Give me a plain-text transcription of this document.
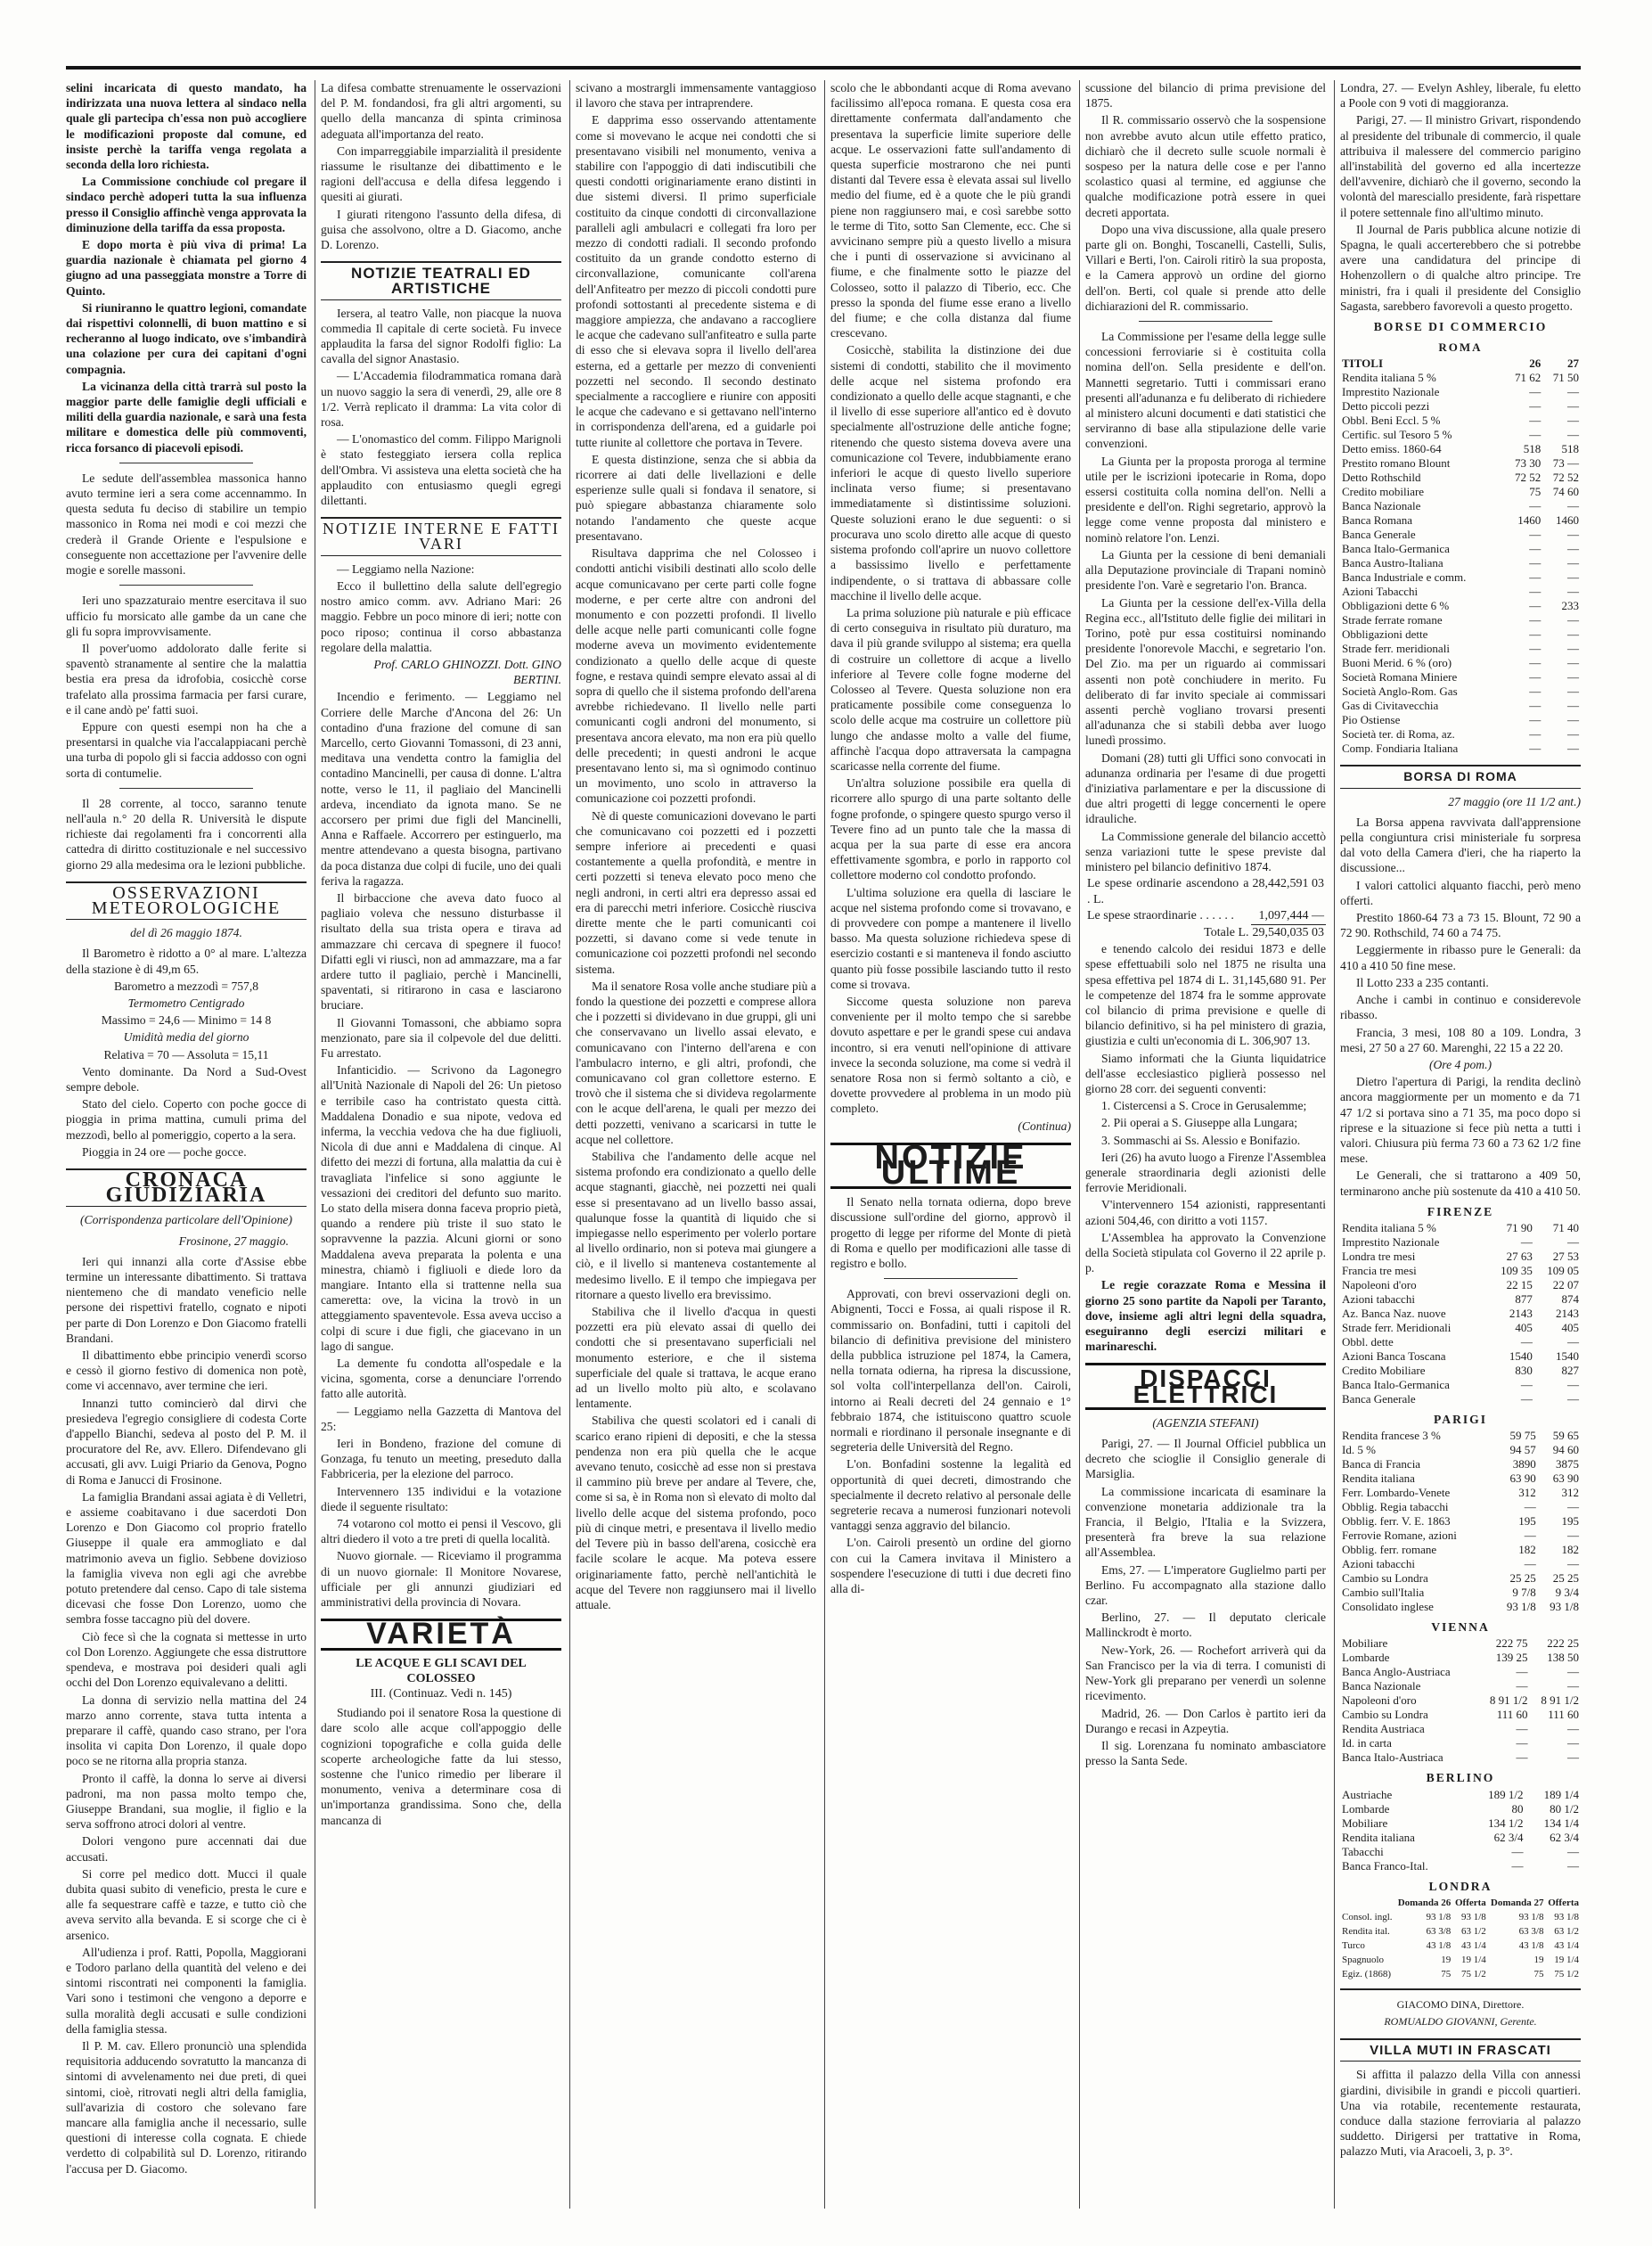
selini incaricata di questo mandato, ha indirizzata una nuova lettera al sindaco nella quale gli partecipa ch'essa non può accogliere le modificazioni proposte dal comune, ed insiste perchè la tariffa venga regolata a seconda della loro richiesta.

La Commissione conchiude col pregare il sindaco perchè adoperi tutta la sua influenza presso il Consiglio affinchè venga approvata la diminuzione della tariffa da essa proposta.

E dopo morta è più viva di prima! La guardia nazionale è chiamata pel giorno 4 giugno ad una passeggiata monstre a Torre di Quinto.

Si riuniranno le quattro legioni, comandate dai rispettivi colonnelli, di buon mattino e si recheranno al luogo indicato, ove s'imbandirà una colazione per cura dei capitani d'ogni compagnia.

La vicinanza della città trarrà sul posto la maggior parte delle famiglie degli ufficiali e militi della guardia nazionale, e sarà una festa militare e domestica delle più commoventi, ricca forsanco di piacevoli episodi.

Le sedute dell'assemblea massonica hanno avuto termine ieri a sera come accennammo. In questa seduta fu deciso di stabilire un tempio massonico in Roma nei modi e coi mezzi che crederà il Grande Oriente e l'espulsione e conseguente non accettazione per l'avvenire delle mogie e sorelle massoni.

Ieri uno spazzaturaio mentre esercitava il suo ufficio fu morsicato alle gambe da un cane che gli fu sopra improvvisamente.

Il pover'uomo addolorato dalle ferite si spaventò stranamente al sentire che la malattia bestia era presa da idrofobia, cosicchè corse trafelato alla prossima farmacia per farsi curare, e il cane andò pe' fatti suoi.

Eppure con questi esempi non ha che a presentarsi in qualche via l'accalappiacani perchè una turba di popolo gli si faccia addosso con ogni sorta di contumelie.

Il 28 corrente, al tocco, saranno tenute nell'aula n.° 20 della R. Università le dispute richieste dai regolamenti fra i concorrenti alla cattedra di diritto costituzionale e nel successivo giorno 29 alla medesima ora le lezioni pubbliche.

OSSERVAZIONI METEOROLOGICHE
del dì 26 maggio 1874.

Il Barometro è ridotto a 0° al mare. L'altezza della stazione è di 49,m 65.

Barometro a mezzodì = 757,8

Termometro Centigrado

Massimo = 24,6 — Minimo = 14 8

Umidità media del giorno

Relativa = 70 — Assoluta = 15,11

Vento dominante. Da Nord a Sud-Ovest sempre debole.

Stato del cielo. Coperto con poche gocce di pioggia in prima mattina, cumuli prima del mezzodì, bello al pomeriggio, coperto a la sera.

Pioggia in 24 ore — poche gocce.

CRONACA GIUDIZIARIA
(Corrispondenza particolare dell'Opinione)
Frosinone, 27 maggio.

Ieri qui innanzi alla corte d'Assise ebbe termine un interessante dibattimento. Si trattava nientemeno che di mandato veneficio nelle persone dei rispettivi fratello, cognato e nipoti per parte di Don Lorenzo e Don Giacomo fratelli Brandani.

Il dibattimento ebbe principio venerdì scorso e cessò il giorno festivo di domenica non potè, come vi accennavo, aver termine che ieri.

Innanzi tutto comincierò dal dirvi che presiedeva l'egregio consigliere di codesta Corte d'appello Bianchi, sedeva al posto del P. M. il procuratore del Re, avv. Ellero. Difendevano gli accusati, gli avv. Luigi Priario da Genova, Pogno di Roma e Janucci di Frosinone.

La famiglia Brandani assai agiata è di Velletri, e assieme coabitavano i due sacerdoti Don Lorenzo e Don Giacomo col proprio fratello Giuseppe il quale era ammogliato e dal matrimonio aveva un figlio. Sebbene dovizioso la famiglia viveva non egli agi che avrebbe potuto pretendere dal censo. Capo di tale sistema dicevasi che fosse Don Lorenzo, uomo che sembra fosse taccagno più del dovere.

Ciò fece sì che la cognata si mettesse in urto col Don Lorenzo. Aggiungete che essa distruttore spendeva, e mostrava poi desideri quali agli occhi del Don Lorenzo equivalevano a delitti.

La donna di servizio nella mattina del 24 marzo anno corrente, stava tutta intenta a preparare il caffè, quando caso strano, per l'ora insolita vi capita Don Lorenzo, il quale dopo poco se ne ritorna alla propria stanza.

Pronto il caffè, la donna lo serve ai diversi padroni, ma non passa molto tempo che, Giuseppe Brandani, sua moglie, il figlio e la serva soffrono atroci dolori al ventre.

Dolori vengono pure accennati dai due accusati.

Si corre pel medico dott. Mucci il quale dubita quasi subito di veneficio, presta le cure e alle fa sequestrare caffè e tazze, e tutto ciò che aveva servito alla bevanda. E si scorge che ci è arsenico.

All'udienza i prof. Ratti, Popolla, Maggiorani e Todoro parlano della quantità del veleno e dei sintomi riscontrati nei componenti la famiglia. Vari sono i testimoni che vengono a deporre e sulla moralità degli accusati e sulle condizioni della famiglia stessa.

Il P. M. cav. Ellero pronunciò una splendida requisitoria adducendo sovratutto la mancanza di sintomi di avvelenamento nei due preti, di quei sintomi, cioè, ritrovati negli altri della famiglia, sull'avarizia di costoro che solevano fare mancare alla famiglia anche il necessario, sulle questioni di interesse colla cognata. E chiede verdetto di colpabilità sul D. Lorenzo, ritirando l'accusa per D. Giacomo.

La difesa combatte strenuamente le osservazioni del P. M. fondandosi, fra gli altri argomenti, su quello della mancanza di spinta criminosa adeguata all'importanza del reato.

Con imparreggiabile imparzialità il presidente riassume le risultanze dei dibattimento e le ragioni dell'accusa e della difesa leggendo i quesiti ai giurati.

I giurati ritengono l'assunto della difesa, di guisa che assolvono, oltre a D. Giacomo, anche D. Lorenzo.

NOTIZIE TEATRALI ED ARTISTICHE

Iersera, al teatro Valle, non piacque la nuova commedia Il capitale di certe società. Fu invece applaudita la farsa del signor Rodolfi figlio: La cavalla del signor Anastasio.

— L'Accademia filodrammatica romana darà un nuovo saggio la sera di venerdì, 29, alle ore 8 1/2. Verrà replicato il dramma: La vita color di rosa.

— L'onomastico del comm. Filippo Marignoli è stato festeggiato iersera colla replica dell'Ombra. Vi assisteva una eletta società che ha applaudito con entusiasmo quegli egregi dilettanti.

NOTIZIE INTERNE E FATTI VARI

— Leggiamo nella Nazione:

Ecco il bullettino della salute dell'egregio nostro amico comm. avv. Adriano Mari: 26 maggio. Febbre un poco minore di ieri; notte con poco riposo; continua il corso abbastanza regolare della malattia.

Prof. CARLO GHINOZZI. Dott. GINO BERTINI.

Incendio e ferimento. — Leggiamo nel Corriere delle Marche d'Ancona del 26: Un contadino d'una frazione del comune di san Marcello, certo Giovanni Tomassoni, di 23 anni, meditava una vendetta contro la famiglia del contadino Mancinelli, per causa di donne. L'altra notte, verso le 11, il pagliaio del Mancinelli ardeva, incendiato da ignota mano. Se ne accorsero per primi due figli del Mancinelli, Anna e Raffaele. Accorrero per estinguerlo, ma mentre attendevano a questa bisogna, partivano da poca distanza due colpi di fucile, uno dei quali feriva la ragazza.

Il birbaccione che aveva dato fuoco al pagliaio voleva che nessuno disturbasse il risultato della sua trista opera e tirava ad ammazzare chi cercava di spegnere il fuoco! Difatti egli vi riuscì, non ad ammazzare, ma a far ardere tutto il pagliaio, perchè i Mancinelli, spaventati, si ritirarono in casa e lasciarono bruciare.

Il Giovanni Tomassoni, che abbiamo sopra menzionato, pare sia il colpevole del due delitti. Fu arrestato.

Infanticidio. — Scrivono da Lagonegro all'Unità Nazionale di Napoli del 26: Un pietoso e terribile caso ha contristato questa città. Maddalena Donadio e sua nipote, vedova ed inferma, la vecchia vedova che ha due figliuoli, Nicola di due anni e Maddalena di cinque. Al difetto dei mezzi di fortuna, alla malattia da cui è travagliata l'infelice si sono aggiunte le vessazioni dei creditori del defunto suo marito. Lo stato della misera donna faceva proprio pietà, quando a rendere più triste il suo stato le sopravvenne la pazzia. Alcuni giorni or sono Maddalena aveva preparata la polenta e una minestra, chiamò i figliuoli e diede loro da mangiare. Intanto ella si trattenne nella sua cameretta: ove, la vicina la trovò in un atteggiamento spaventevole. Essa aveva ucciso a colpi di scure i due figli, che giacevano in un lago di sangue.

La demente fu condotta all'ospedale e la vicina, sgomenta, corse a denunciare l'orrendo fatto alle autorità.

— Leggiamo nella Gazzetta di Mantova del 25:

Ieri in Bondeno, frazione del comune di Gonzaga, fu tenuto un meeting, preseduto dalla Fabbriceria, per la elezione del parroco.

Intervennero 135 individui e la votazione diede il seguente risultato:

74 votarono col motto ei pensi il Vescovo, gli altri diedero il voto a tre preti di quella località.

Nuovo giornale. — Riceviamo il programma di un nuovo giornale: Il Monitore Novarese, ufficiale per gli annunzi giudiziari ed amministrativi della provincia di Novara.

VARIETÀ
LE ACQUE E GLI SCAVI DEL COLOSSEO
III. (Continuaz. Vedi n. 145)

Studiando poi il senatore Rosa la questione di dare scolo alle acque coll'appoggio delle cognizioni topografiche e colla guida delle scoperte archeologiche fatte da lui stesso, sostenne che l'unico rimedio per liberare il monumento, veniva a determinare cosa di un'importanza grandissima. Sono che, della mancanza di

scivano a mostrargli immensamente vantaggioso il lavoro che stava per intraprendere.

E dapprima esso osservando attentamente come si movevano le acque nei condotti che si presentavano visibili nel monumento, veniva a stabilire con l'appoggio di dati indiscutibili che questi condotti originariamente erano distinti in due sistemi diversi. Il primo superficiale costituito da cinque condotti di circonvallazione paralleli agli ambulacri e collegati fra loro per mezzo di condotti radiali. Il secondo profondo costituito da un grande condotto esterno di circonvallazione, comunicante coll'arena dell'Anfiteatro per mezzo di piccoli condotti pure profondi sottostanti al precedente sistema e di maggiore ampiezza, che andavano a raccogliere le acque che cadevano sull'anfiteatro e sulla parte di esso che si elevava sopra il livello dell'area esterna, ed a gettarle per mezzo di convenienti pozzetti nel secondo. Il secondo destinato specialmente a raccogliere e riunire con appositi le acque che cadevano e si gettavano nell'interno in corrispondenza dell'arena, ed a guidarle poi tutte riunite al collettore che portava in Tevere.

E questa distinzione, senza che si abbia da ricorrere ai dati delle livellazioni e delle esperienze sulle quali si fondava il senatore, si può spiegare abbastanza chiaramente solo notando l'andamento che queste acque presentavano.

Risultava dapprima che nel Colosseo i condotti antichi visibili destinati allo scolo delle acque comunicavano per certe parti colle fogne moderne, e per certe altre con androni del monumento e con pozzetti profondi. Il livello delle acque nelle parti comunicanti colle fogne moderne aveva un movimento evidentemente condizionato a quello delle acque di queste fogne, e restava quindi sempre elevato assai al di sopra di quello che il sistema profondo dell'arena avrebbe richiedevano. Il livello nelle parti comunicanti cogli androni del monumento, si presentava ancora elevato, ma non era più quello delle precedenti; in questi androni le acque presentavano lento si, ma sì ognimodo continuo un movimento, uno scolo in attraverso la comunicazione coi pozzetti profondi.

Nè di queste comunicazioni dovevano le parti che comunicavano coi pozzetti ed i pozzetti sempre inferiore ai precedenti e quasi costantemente a quella profondità, e mentre in certi pozzetti si teneva elevato poco meno che negli androni, in certi altri era depresso assai ed era di parecchi metri inferiore. Cosicchè riusciva dirette mente che le parti comunicanti coi pozzetti, si davano come si vede tenute in comunicazione coi pozzetti profondi nel secondo sistema.

Ma il senatore Rosa volle anche studiare più a fondo la questione dei pozzetti e comprese allora che i pozzetti si dividevano in due gruppi, gli uni che conservavano un livello assai elevato, e comunicavano con l'interno dell'arena e con l'ambulacro interno, e gli altri, profondi, che comunicavano col gran collettore esterno. E trovò che il sistema che si divideva regolarmente con le acque dell'arena, le quali per mezzo dei detti pozzetti, venivano a scaricarsi in tutte le acque nel collettore.

Stabiliva che l'andamento delle acque nel sistema profondo era condizionato a quello delle acque stagnanti, giacchè, nei pozzetti nei quali esse si presentavano ad un livello basso assai, qualunque fosse la quantità di liquido che si impiegasse nello esperimento per volerlo portare al livello ordinario, non si poteva mai giungere a ciò, e il livello si manteneva costantemente al medesimo livello. E il tempo che impiegava per ritornare a questo livello era brevissimo.

Stabiliva che il livello d'acqua in questi pozzetti era più elevato assai di quello dei condotti che si presentavano superficiali nel monumento esteriore, e che il sistema superficiale del quale si trattava, le acque erano ad un livello molto più alto, e scolavano lentamente.

Stabiliva che questi scolatori ed i canali di scarico erano ripieni di depositi, e che la stessa pendenza non era più quella che le acque avevano tenuto, cosicchè ad esse non si prestava il cammino più breve per andare al Tevere, che, come si sa, è in Roma non sì elevato di molto dal livello delle acque del sistema profondo, poco più di cinque metri, e presentava il livello medio del Tevere più in basso dell'arena, cosicchè era facile scolare le acque. Ma poteva essere originariamente fatto, perchè nell'antichità le acque del Tevere non raggiunsero mai il livello attuale.

scolo che le abbondanti acque di Roma avevano facilissimo all'epoca romana. E questa cosa era direttamente confermata dall'andamento che presentava la superficie limite superiore delle acque. Le osservazioni fatte sull'andamento di questa superficie mostrarono che nei punti distanti dal Tevere essa è elevata assai sul livello medio del fiume, ed è a quote che le più grandi piene non raggiunsero mai, e così sarebbe sotto le terme di Tito, sotto San Clemente, ecc. Che si avvicinano sempre più a questo livello a misura che i punti di osservazione si avvicinano al fiume, e che finalmente sotto le piazze del Colosseo, sotto il palazzo di Tiberio, ecc. Che presso la sponda del fiume esse erano a livello del fiume; e che colla distanza dal fiume crescevano.

Cosicchè, stabilita la distinzione dei due sistemi di condotti, stabilito che il movimento delle acque nel sistema profondo era condizionato a quello delle acque stagnanti, e che il livello di esse superiore all'antico ed è dovuto specialmente all'ostruzione delle antiche fogne; ritenendo che questo sistema doveva avere una comunicazione col Tevere, indubbiamente erano inferiori le acque di questo livello superiore inclinata verso fiume; si presentavano immediatamente sì distintissime soluzioni. Queste soluzioni erano le due seguenti: o si procurava uno scolo diretto alle acque di questo sistema profondo coll'aprire un nuovo collettore a bassissimo livello e perfettamente indipendente, o si trattava di abbassare colle macchine il livello delle acque.

La prima soluzione più naturale e più efficace di certo conseguiva in risultato più duraturo, ma dava il più grande sviluppo al sistema; era quella di costruire un collettore di acque a livello inferiore al Tevere colle fogne moderne del Colosseo al Tevere. Questa soluzione non era praticamente possibile come conseguenza lo scolo delle acque ma costruire un collettore più lungo che andasse molto a valle del fiume, affinchè l'acqua dopo attraversata la campagna scaricasse nella corrente del fiume.

Un'altra soluzione possibile era quella di ricorrere allo spurgo di una parte soltanto delle fogne profonde, o spingere questo spurgo verso il Tevere fino ad un punto tale che la massa di acqua per la sua parte di esse era ancora effettivamente sgombra, e porlo in rapporto col collettore moderno col condotto profondo.

L'ultima soluzione era quella di lasciare le acque nel sistema profondo come si trovavano, e di provvedere con pompe a mantenere il livello basso. Ma questa soluzione richiedeva spese di esercizio costanti e si manteneva il fondo asciutto quanto più fosse possibile lasciando tutto il resto come si trovava.

Siccome questa soluzione non pareva conveniente per il molto tempo che si sarebbe dovuto aspettare e per le grandi spese cui andava incontro, si era venuti nell'opinione di attivare invece la seconda soluzione, ma come si vedrà il senatore Rosa non si fermò soltanto a ciò, e dovette provvedere al problema in un modo più completo.

(Continua)

NOTIZIE ULTIME

Il Senato nella tornata odierna, dopo breve discussione sull'ordine del giorno, approvò il progetto di legge per riforme del Monte di pietà di Roma e quello per modificazioni alle tasse di registro e bollo.

Approvati, con brevi osservazioni degli on. Abignenti, Tocci e Fossa, ai quali rispose il R. commissario on. Bonfadini, tutti i capitoli del bilancio di definitiva previsione del ministero della pubblica istruzione pel 1874, la Camera, nella tornata odierna, ha ripresa la discussione, sol volta coll'interpellanza dell'on. Cairoli, intorno ai Reali decreti del 24 gennaio e 1° febbraio 1874, che istituiscono quattro scuole normali e riordinano il personale insegnante e di segreteria delle Università del Regno.

L'on. Bonfadini sostenne la legalità ed opportunità di quei decreti, dimostrando che specialmente il decreto relativo al personale delle segreterie recava a numerosi funzionari notevoli vantaggi senza aggravio del bilancio.

L'on. Cairoli presentò un ordine del giorno con cui la Camera invitava il Ministero a sospendere l'esecuzione di tutti i due decreti fino alla di-

scussione del bilancio di prima previsione del 1875.

Il R. commissario osservò che la sospensione non avrebbe avuto alcun utile effetto pratico, dichiarò che il decreto sulle scuole normali è sospeso per la natura delle cose e per l'anno scolastico quasi al termine, ed aggiunse che qualche modificazione potrà essere in quei decreti apportata.

Dopo una viva discussione, alla quale presero parte gli on. Bonghi, Toscanelli, Castelli, Sulis, Villari e Berti, l'on. Cairoli ritirò la sua proposta, e la Camera approvò un ordine del giorno dell'on. Berti, col quale si prende atto delle dichiarazioni del R. commissario.

La Commissione per l'esame della legge sulle concessioni ferroviarie si è costituita colla nomina dell'on. Sella presidente e dell'on. Mannetti segretario. Tutti i commissari erano presenti all'adunanza e fu deliberato di richiedere al ministero alcuni documenti e dati statistici che serviranno di base alla stipulazione delle varie convenzioni.

La Giunta per la proposta proroga al termine utile per le iscrizioni ipotecarie in Roma, dopo essersi costituita colla nomina dell'on. Nelli a presidente e dell'on. Righi segretario, approvò la legge come venne proposta dal ministero e nominò relatore l'on. Lenzi.

La Giunta per la cessione di beni demaniali alla Deputazione provinciale di Trapani nominò presidente l'on. Varè e segretario l'on. Branca.

La Giunta per la cessione dell'ex-Villa della Regina ecc., all'Istituto delle figlie dei militari in Torino, potè pur essa costituirsi nominando presidente l'onorevole Macchi, e segretario l'on. Del Zio. ma per un riguardo ai commissari assenti non potè conchiudere in merito. Fu deliberato di far invito speciale ai commissari assenti perchè vogliano trovarsi presenti all'adunanza che si stabilì debba aver luogo lunedì prossimo.

Domani (28) tutti gli Uffici sono convocati in adunanza ordinaria per l'esame di due progetti d'iniziativa parlamentare e per la discussione di due altri progetti di legge concernenti le opere idrauliche.

La Commissione generale del bilancio accettò senza variazioni tutte le spese previste dal ministero pel bilancio definitivo 1874.

Le spese ordinarie ascendono a . L.	28,442,591 03
Le spese straordinarie . . . . . .	1,097,444 —
Totale L.	29,540,035 03

e tenendo calcolo dei residui 1873 e delle spese effettuabili solo nel 1875 ne risulta una spesa effettiva pel 1874 di L. 31,145,680 91. Per le competenze del 1874 fra le somme approvate col bilancio di prima previsione e quelle di bilancio definitivo, si ha pel ministero di grazia, giustizia e culti un'economia di L. 306,907 13.

Siamo informati che la Giunta liquidatrice dell'asse ecclesiastico piglierà possesso nel giorno 28 corr. dei seguenti conventi:

1. Cistercensi a S. Croce in Gerusalemme;

2. Pii operai a S. Giuseppe alla Lungara;

3. Sommaschi ai Ss. Alessio e Bonifazio.

Ieri (26) ha avuto luogo a Firenze l'Assemblea generale straordinaria degli azionisti delle ferrovie Meridionali.

V'intervennero 154 azionisti, rappresentanti azioni 504,46, con diritto a voti 1157.

L'Assemblea ha approvato la Convenzione della Società stipulata col Governo il 22 aprile p. p.

Le regie corazzate Roma e Messina il giorno 25 sono partite da Napoli per Taranto, dove, insieme agli altri legni della squadra, eseguiranno degli esercizi militari e marinareschi.

DISPACCI ELETTRICI
(AGENZIA STEFANI)

Parigi, 27. — Il Journal Officiel pubblica un decreto che scioglie il Consiglio generale di Marsiglia.

La commissione incaricata di esaminare la convenzione monetaria addizionale tra la Francia, il Belgio, l'Italia e la Svizzera, presenterà fra breve la sua relazione all'Assemblea.

Ems, 27. — L'imperatore Guglielmo parti per Berlino. Fu accompagnato alla stazione dallo czar.

Berlino, 27. — Il deputato clericale Mallinckrodt è morto.

New-York, 26. — Rochefort arriverà qui da San Francisco per la via di terra. I comunisti di New-York gli preparano per venerdì un solenne ricevimento.

Madrid, 26. — Don Carlos è partito ieri da Durango e recasi in Azpeytia.

Il sig. Lorenzana fu nominato ambasciatore presso la Santa Sede.

Londra, 27. — Evelyn Ashley, liberale, fu eletto a Poole con 9 voti di maggioranza.

Parigi, 27. — Il ministro Grivart, rispondendo al presidente del tribunale di commercio, il quale attribuiva il malessere del commercio parigino all'instabilità del governo ed alla incertezze dell'avvenire, dichiarò che il governo, secondo la volontà del maresciallo presidente, farà rispettare il potere settennale fino all'ultimo minuto.

Il Journal de Paris pubblica alcune notizie di Spagna, le quali accerterebbero che si potrebbe avere una candidatura del principe di Hohenzollern o di qualche altro principe. Tre ministri, fra i quali il presidente del Consiglio Sagasta, sarebbero favorevoli a questo progetto.

BORSE DI COMMERCIO
ROMA
TITOLI	26	27
Rendita italiana 5 %	71 62	71 50
Imprestito Nazionale	—	—
Detto piccoli pezzi	—	—
Obbl. Beni Eccl. 5 %	—	—
Certific. sul Tesoro 5 %	—	—
Detto emiss. 1860-64	518	518
Prestito romano Blount	73 30	73 —
Detto Rothschild	72 52	72 52
Credito mobiliare	75	74 60
Banca Nazionale	—	—
Banca Romana	1460	1460
Banca Generale	—	—
Banca Italo-Germanica	—	—
Banca Austro-Italiana	—	—
Banca Industriale e comm.	—	—
Azioni Tabacchi	—	—
Obbligazioni dette 6 %	—	233
Strade ferrate romane	—	—
Obbligazioni dette	—	—
Strade ferr. meridionali	—	—
Buoni Merid. 6 % (oro)	—	—
Società Romana Miniere	—	—
Società Anglo-Rom. Gas	—	—
Gas di Civitavecchia	—	—
Pio Ostiense	—	—
Società ter. di Roma, az.	—	—
Comp. Fondiaria Italiana	—	—
BORSA DI ROMA
27 maggio (ore 11 1/2 ant.)

La Borsa appena ravvivata dall'apprensione pella congiuntura crisi ministeriale fu sorpresa dal voto della Camera d'ieri, che ha riaperto la discussione...

I valori cattolici alquanto fiacchi, però meno offerti.

Prestito 1860-64 73 a 73 15. Blount, 72 90 a 72 90. Rothschild, 74 60 a 74 75.

Leggiermente in ribasso pure le Generali: da 410 a 410 50 fine mese.

Il Lotto 233 a 235 contanti.

Anche i cambi in continuo e considerevole ribasso.

Francia, 3 mesi, 108 80 a 109. Londra, 3 mesi, 27 50 a 27 60. Marenghi, 22 15 a 22 20.

(Ore 4 pom.)

Dietro l'apertura di Parigi, la rendita declinò ancora maggiormente per un momento e da 71 47 1/2 si portava sino a 71 35, ma poco dopo si riprese e la situazione si fece più netta a tutti i valori. Chiusura più ferma 73 60 a 73 62 1/2 fine mese.

Le Generali, che si trattarono a 409 50, terminarono anche più sostenute da 410 a 410 50.

FIRENZE
Rendita italiana 5 %	71 90	71 40
Imprestito Nazionale	—	—
Londra tre mesi	27 63	27 53
Francia tre mesi	109 35	109 05
Napoleoni d'oro	22 15	22 07
Azioni tabacchi	877	874
Az. Banca Naz. nuove	2143	2143
Strade ferr. Meridionali	405	405
Obbl. dette	—	—
Azioni Banca Toscana	1540	1540
Credito Mobiliare	830	827
Banca Italo-Germanica	—	—
Banca Generale	—	—
PARIGI
Rendita francese 3 %	59 75	59 65
Id. 5 %	94 57	94 60
Banca di Francia	3890	3875
Rendita italiana	63 90	63 90
Ferr. Lombardo-Venete	312	312
Obblig. Regia tabacchi	—	—
Obblig. ferr. V. E. 1863	195	195
Ferrovie Romane, azioni	—	—
Obblig. ferr. romane	182	182
Azioni tabacchi	—	—
Cambio su Londra	25 25	25 25
Cambio sull'Italia	9 7/8	9 3/4
Consolidato inglese	93 1/8	93 1/8
VIENNA
Mobiliare	222 75	222 25
Lombarde	139 25	138 50
Banca Anglo-Austriaca	—	—
Banca Nazionale	—	—
Napoleoni d'oro	8 91 1/2	8 91 1/2
Cambio su Londra	111 60	111 60
Rendita Austriaca	—	—
Id. in carta	—	—
Banca Italo-Austriaca	—	—
BERLINO
Austriache	189 1/2	189 1/4
Lombarde	80	80 1/2
Mobiliare	134 1/2	134 1/4
Rendita italiana	62 3/4	62 3/4
Tabacchi	—	—
Banca Franco-Ital.	—	—
LONDRA
	Domanda 26	Offerta	Domanda 27	Offerta
Consol. ingl.	93 1/8	93 1/8	93 1/8	93 1/8
Rendita ital.	63 3/8	63 1/2	63 3/8	63 1/2
Turco	43 1/8	43 1/4	43 1/8	43 1/4
Spagnuolo	19	19 1/4	19	19 1/4
Egiz. (1868)	75	75 1/2	75	75 1/2

GIACOMO DINA, Direttore.

ROMUALDO GIOVANNI, Gerente.

VILLA MUTI IN FRASCATI

Si affitta il palazzo della Villa con annessi giardini, divisibile in grandi e piccoli quartieri. Una via rotabile, recentemente restaurata, conduce dalla stazione ferroviaria al palazzo suddetto. Dirigersi per trattative in Roma, palazzo Muti, via Aracoeli, 3, p. 3°.
